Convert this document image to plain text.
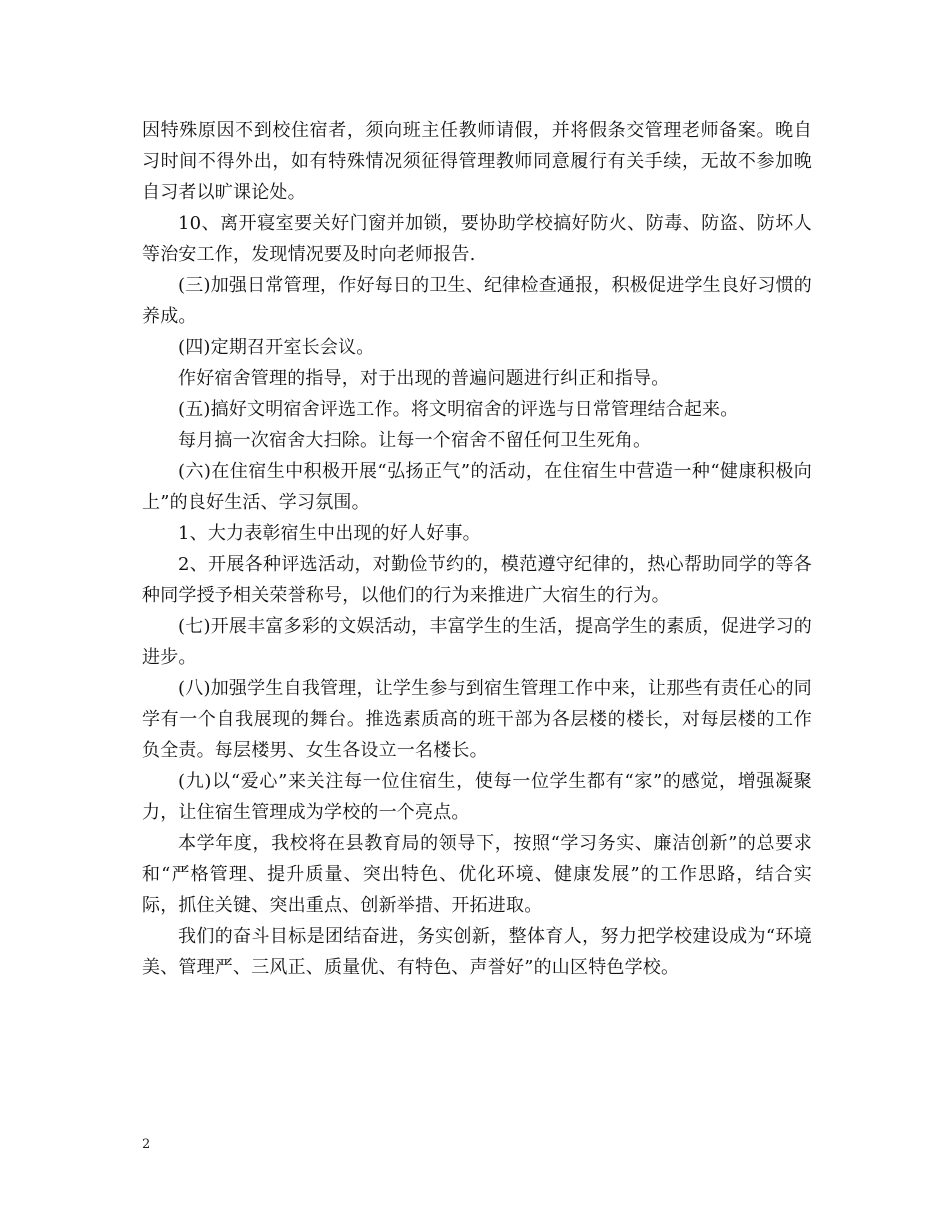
因特殊原因不到校住宿者，须向班主任教师请假，并将假条交管理老师备案。晚自习时间不得外出，如有特殊情况须征得管理教师同意履行有关手续，无故不参加晚自习者以旷课论处。

10、离开寝室要关好门窗并加锁，要协助学校搞好防火、防毒、防盗、防坏人等治安工作，发现情况要及时向老师报告.

(三)加强日常管理，作好每日的卫生、纪律检查通报，积极促进学生良好习惯的养成。

(四)定期召开室长会议。

作好宿舍管理的指导，对于出现的普遍问题进行纠正和指导。

(五)搞好文明宿舍评选工作。将文明宿舍的评选与日常管理结合起来。

每月搞一次宿舍大扫除。让每一个宿舍不留任何卫生死角。

(六)在住宿生中积极开展“弘扬正气”的活动，在住宿生中营造一种“健康积极向上”的良好生活、学习氛围。

1、大力表彰宿生中出现的好人好事。

2、开展各种评选活动，对勤俭节约的，模范遵守纪律的，热心帮助同学的等各种同学授予相关荣誉称号，以他们的行为来推进广大宿生的行为。

(七)开展丰富多彩的文娱活动，丰富学生的生活，提高学生的素质，促进学习的进步。

(八)加强学生自我管理，让学生参与到宿生管理工作中来，让那些有责任心的同学有一个自我展现的舞台。推选素质高的班干部为各层楼的楼长，对每层楼的工作负全责。每层楼男、女生各设立一名楼长。

(九)以“爱心”来关注每一位住宿生，使每一位学生都有“家”的感觉，增强凝聚力，让住宿生管理成为学校的一个亮点。

本学年度，我校将在县教育局的领导下，按照“学习务实、廉洁创新”的总要求和“严格管理、提升质量、突出特色、优化环境、健康发展”的工作思路，结合实际，抓住关键、突出重点、创新举措、开拓进取。

我们的奋斗目标是团结奋进，务实创新，整体育人，努力把学校建设成为“环境美、管理严、三风正、质量优、有特色、声誉好”的山区特色学校。

2
